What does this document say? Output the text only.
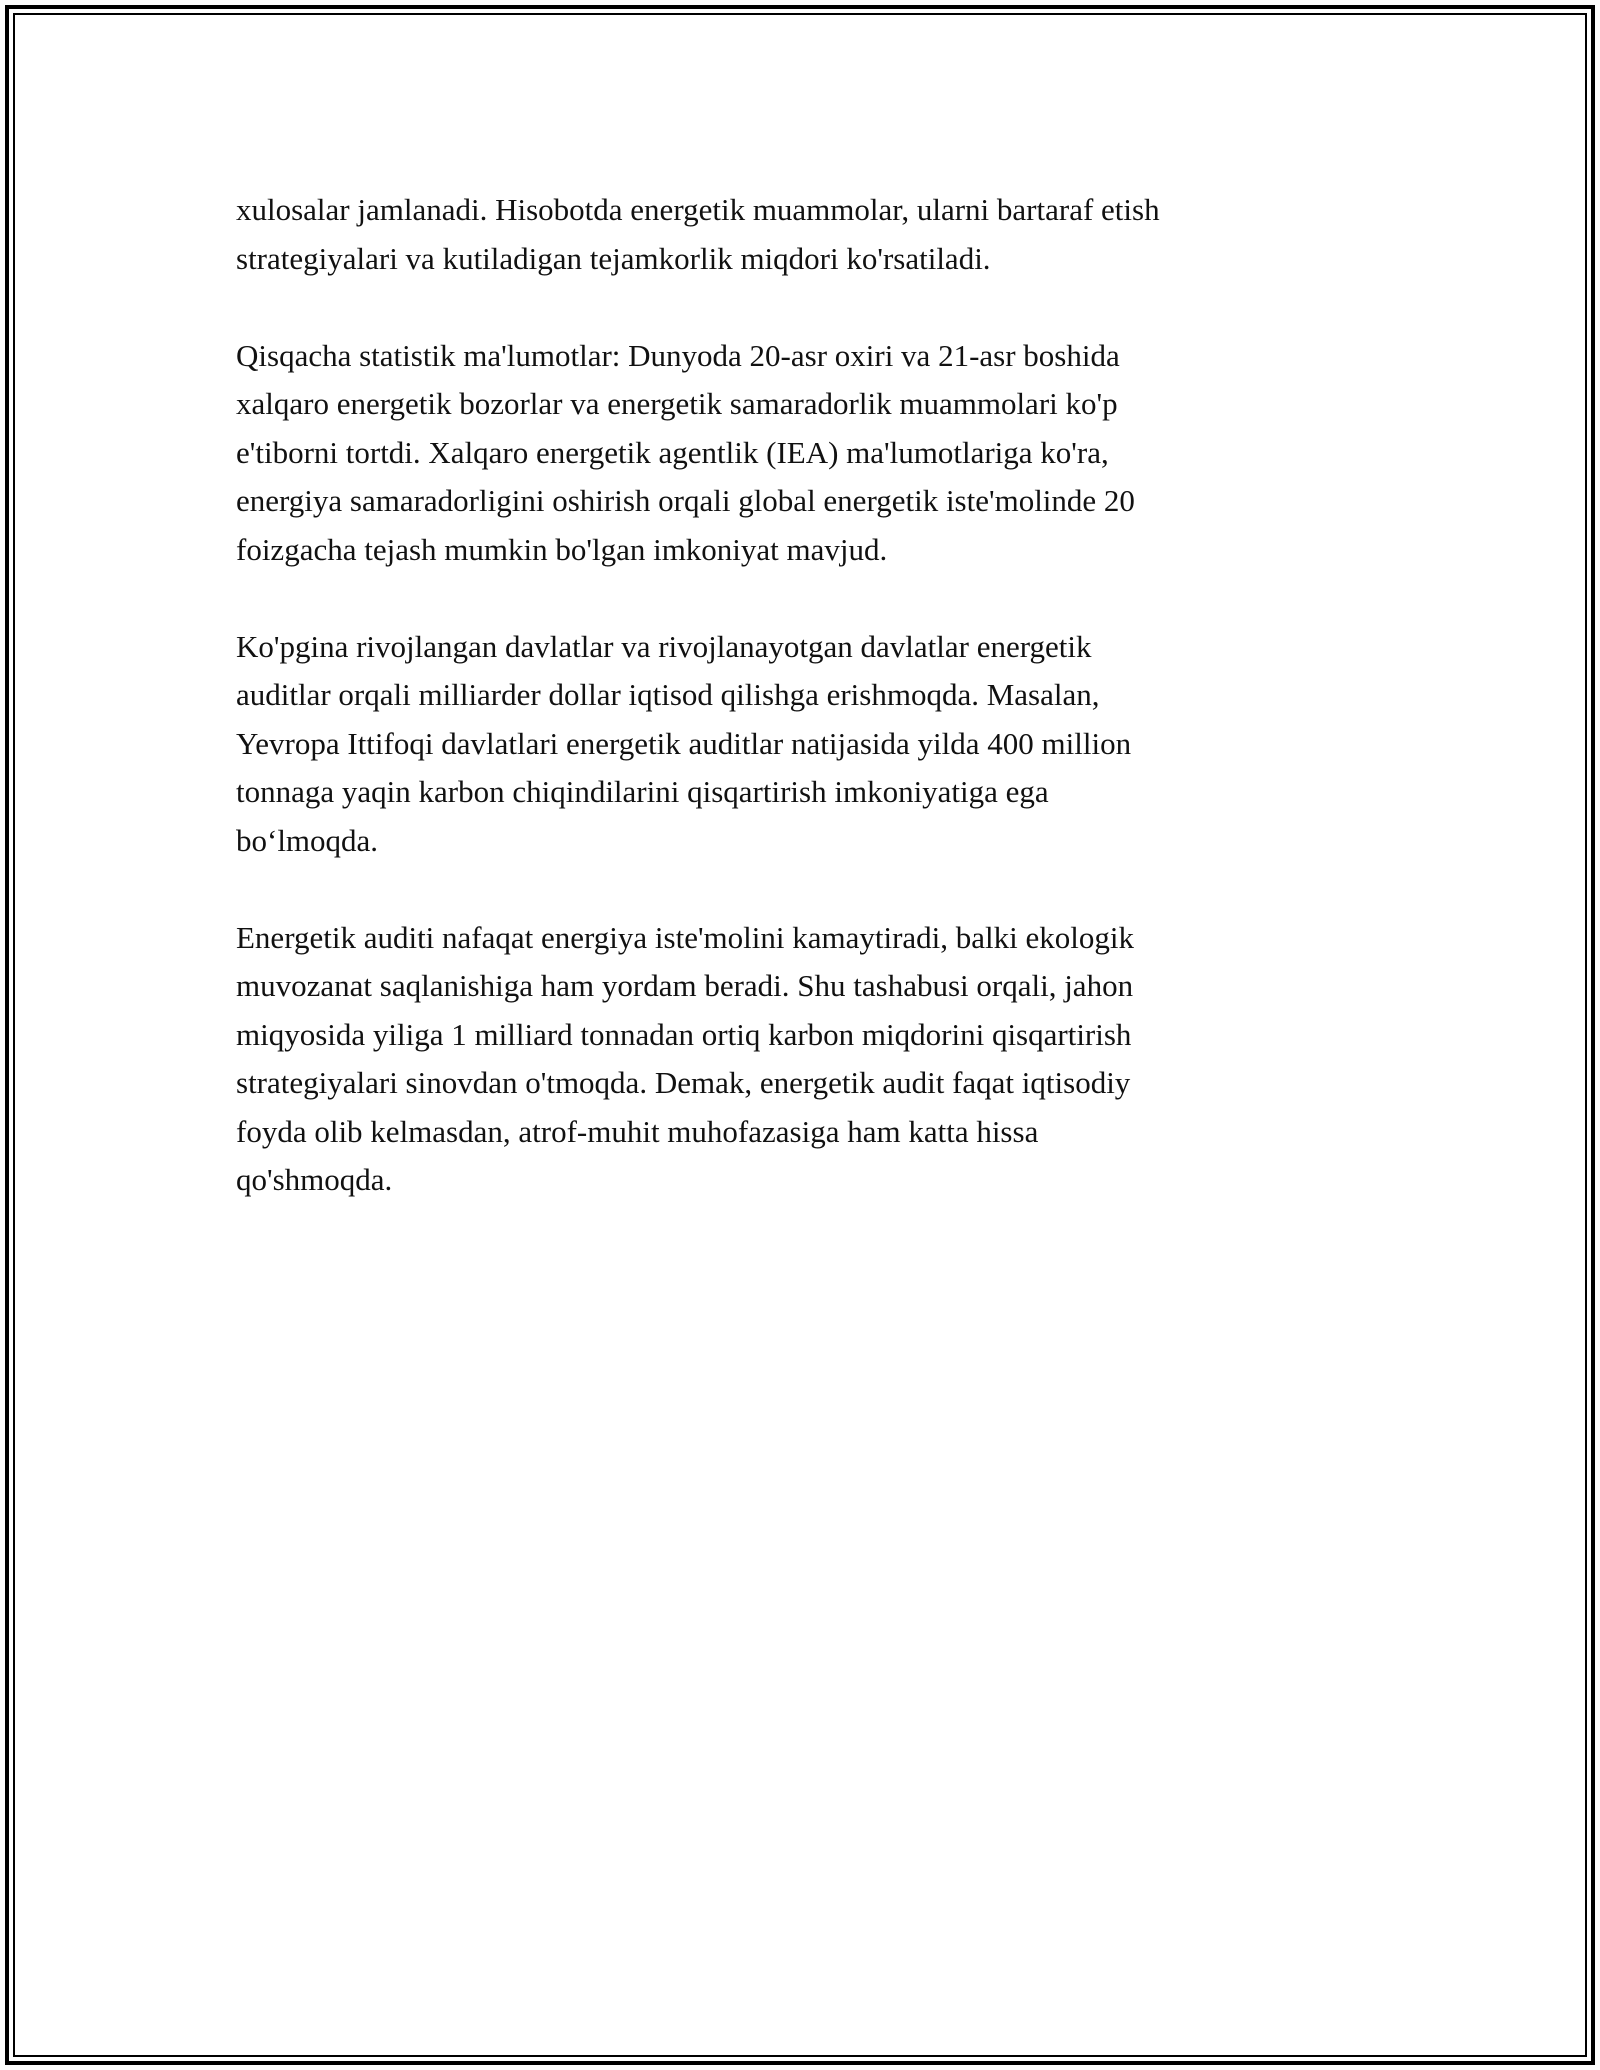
xulosalar jamlanadi. Hisobotda energetik muammolar, ularni bartaraf etish
strategiyalari va kutiladigan tejamkorlik miqdori ko'rsatiladi.

Qisqacha statistik ma'lumotlar: Dunyoda 20-asr oxiri va 21-asr boshida
xalqaro energetik bozorlar va energetik samaradorlik muammolari ko'p
e'tiborni tortdi. Xalqaro energetik agentlik (IEA) ma'lumotlariga ko'ra,
energiya samaradorligini oshirish orqali global energetik iste'molinde 20
foizgacha tejash mumkin bo'lgan imkoniyat mavjud.

Ko'pgina rivojlangan davlatlar va rivojlanayotgan davlatlar energetik
auditlar orqali milliarder dollar iqtisod qilishga erishmoqda. Masalan,
Yevropa Ittifoqi davlatlari energetik auditlar natijasida yilda 400 million
tonnaga yaqin karbon chiqindilarini qisqartirish imkoniyatiga ega
bo‘lmoqda.

Energetik auditi nafaqat energiya iste'molini kamaytiradi, balki ekologik
muvozanat saqlanishiga ham yordam beradi. Shu tashabusi orqali, jahon
miqyosida yiliga 1 milliard tonnadan ortiq karbon miqdorini qisqartirish
strategiyalari sinovdan o'tmoqda. Demak, energetik audit faqat iqtisodiy
foyda olib kelmasdan, atrof-muhit muhofazasiga ham katta hissa
qo'shmoqda.
